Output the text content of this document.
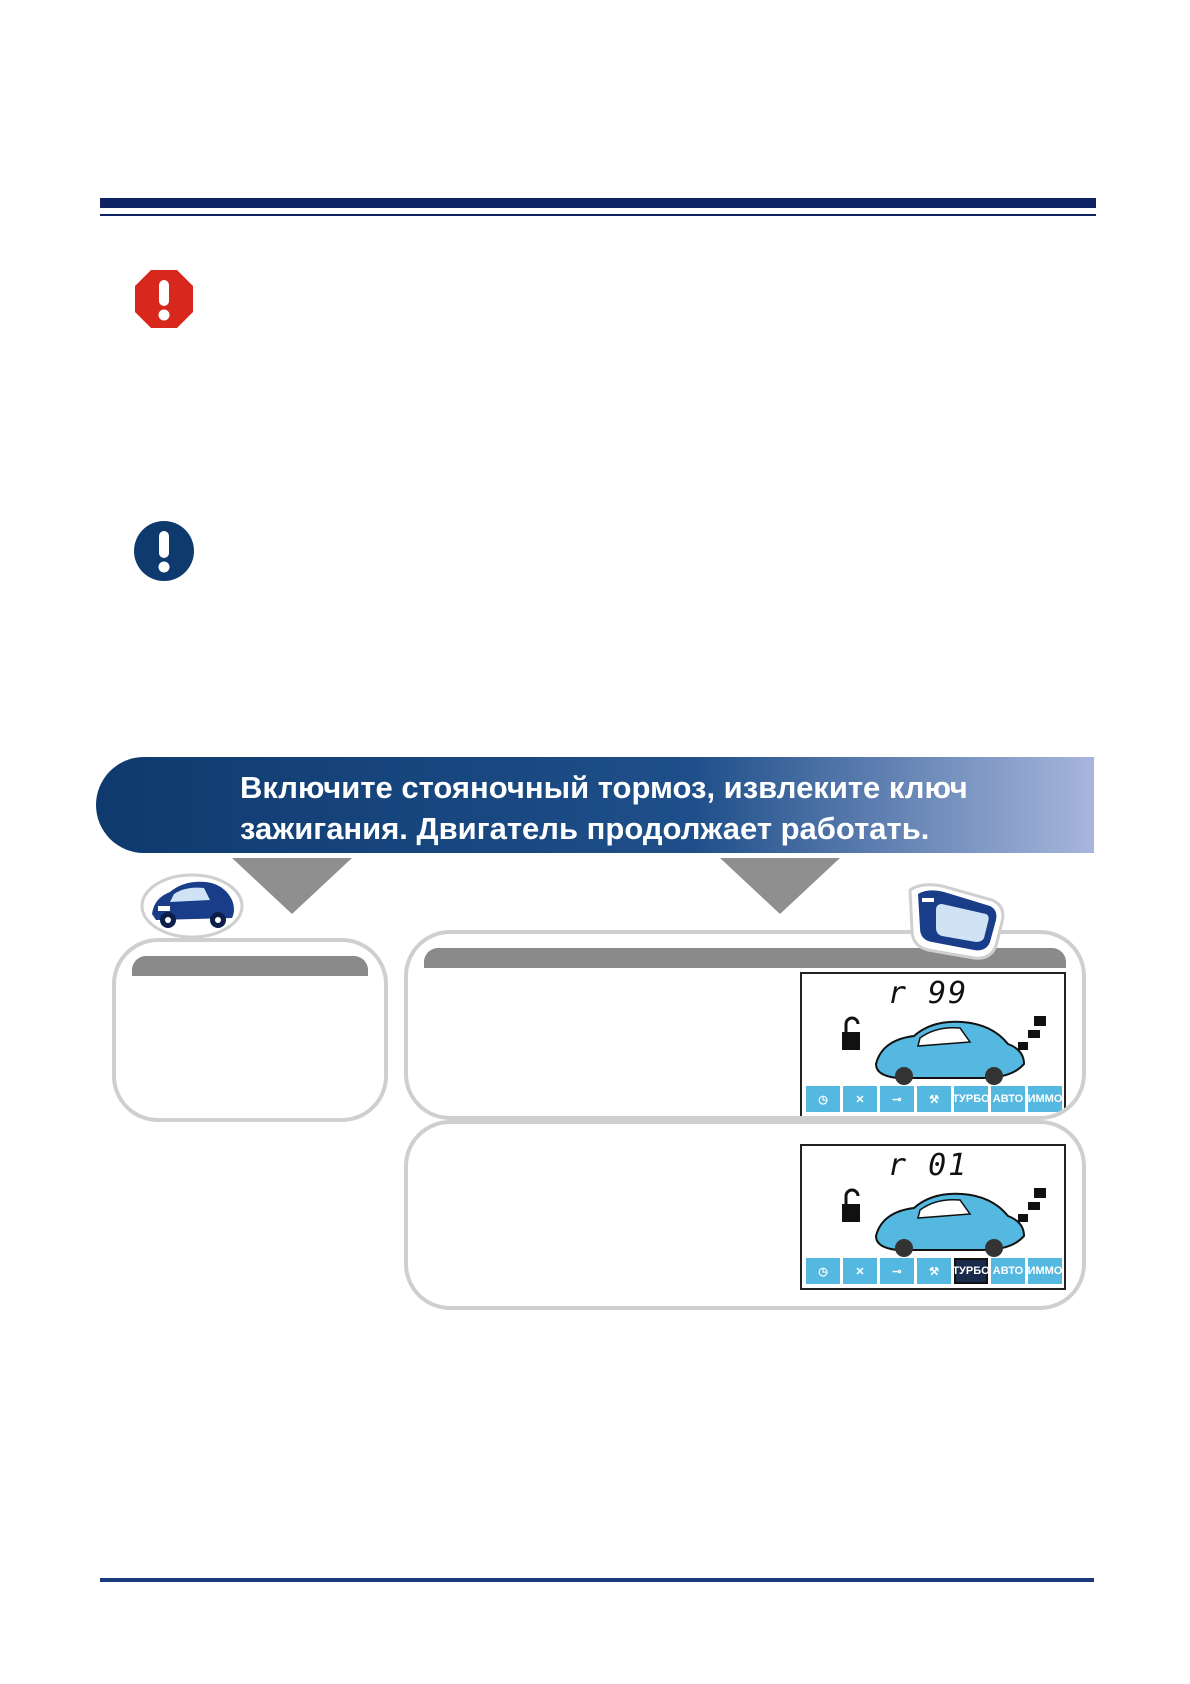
Включите стояночный тормоз, извлеките ключ
зажигания. Двигатель продолжает работать.
r 99
◷	✕	⊸	⚒	ТУРБО АВТО ИММО
r 01
◷	✕	⊸	⚒	ТУРБО АВТО ИММО
